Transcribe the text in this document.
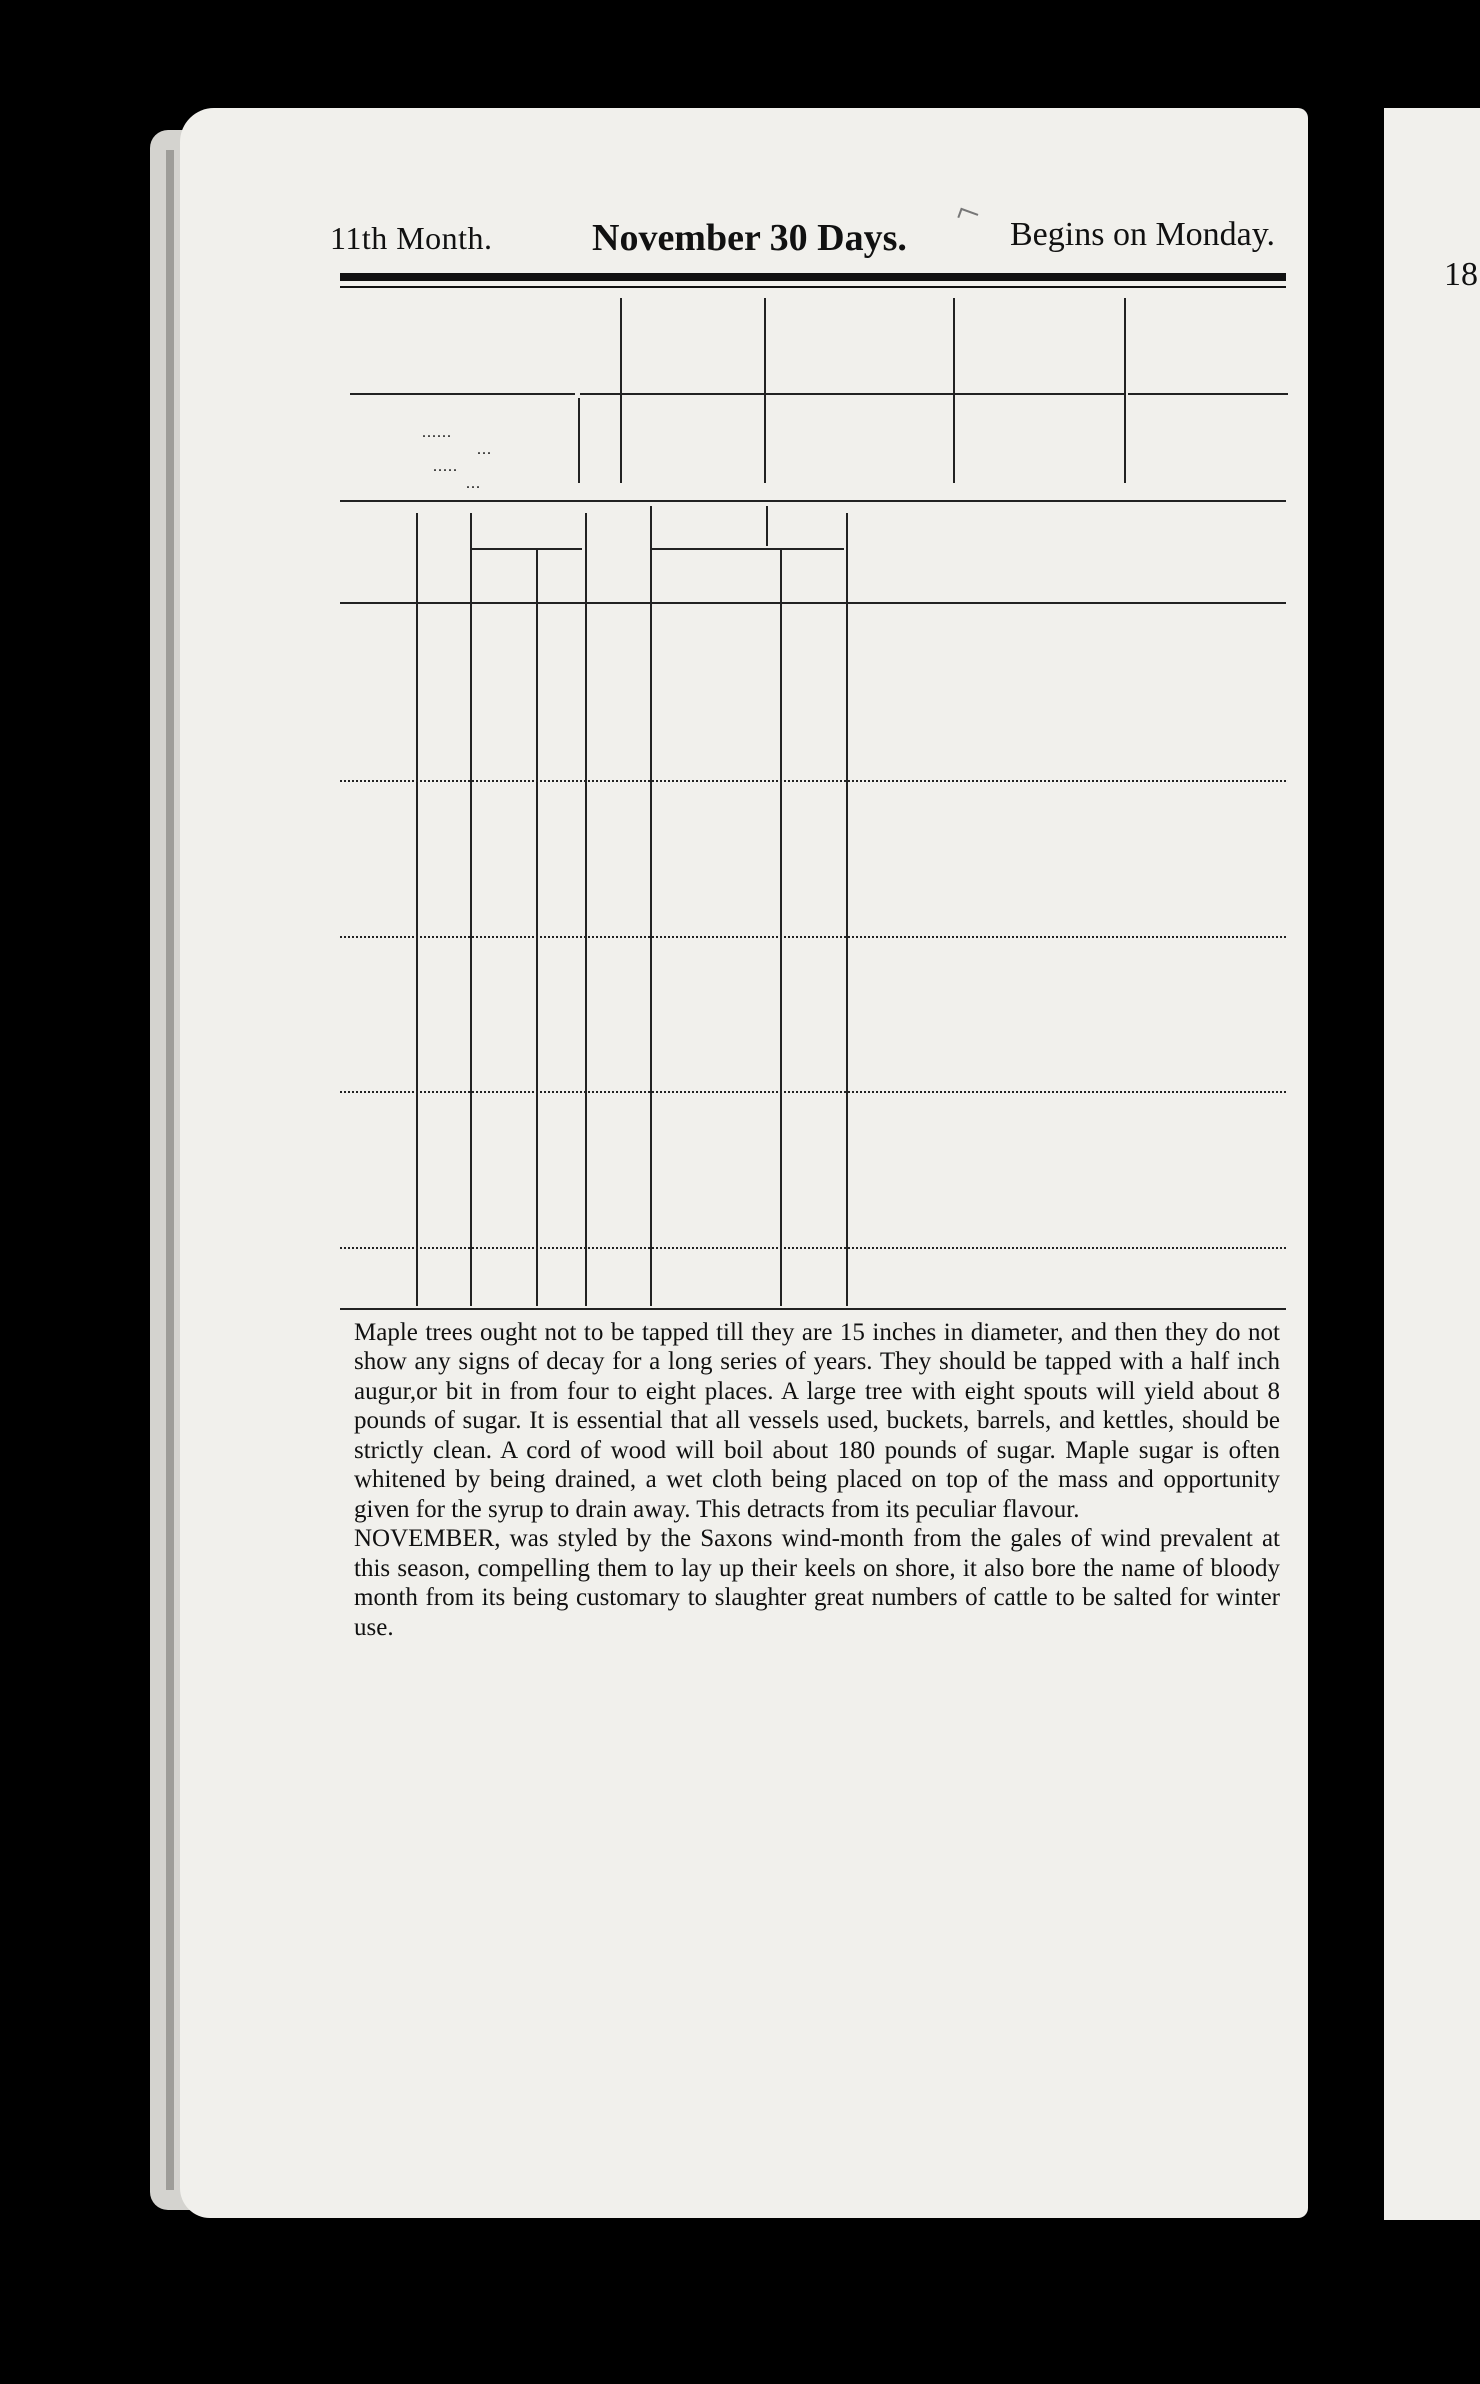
18
⌐
11th Month.	November 30 Days.	Begins on Monday.
......
...
.....
...

Maple trees ought not to be tapped till they are 15 inches in diameter, and then they do not show any signs of decay for a long series of years. They should be tapped with a half inch augur,or bit in from four to eight places. A large tree with eight spouts will yield about 8 pounds of sugar. It is essential that all vessels used, buckets, barrels, and kettles, should be strictly clean. A cord of wood will boil about 180 pounds of sugar. Maple sugar is often whitened by being drained, a wet cloth being placed on top of the mass and opportunity given for the syrup to drain away. This detracts from its peculiar flavour.

NOVEMBER, was styled by the Saxons wind-month from the gales of wind prevalent at this season, compelling them to lay up their keels on shore, it also bore the name of bloody month from its being customary to slaughter great numbers of cattle to be salted for winter use.
